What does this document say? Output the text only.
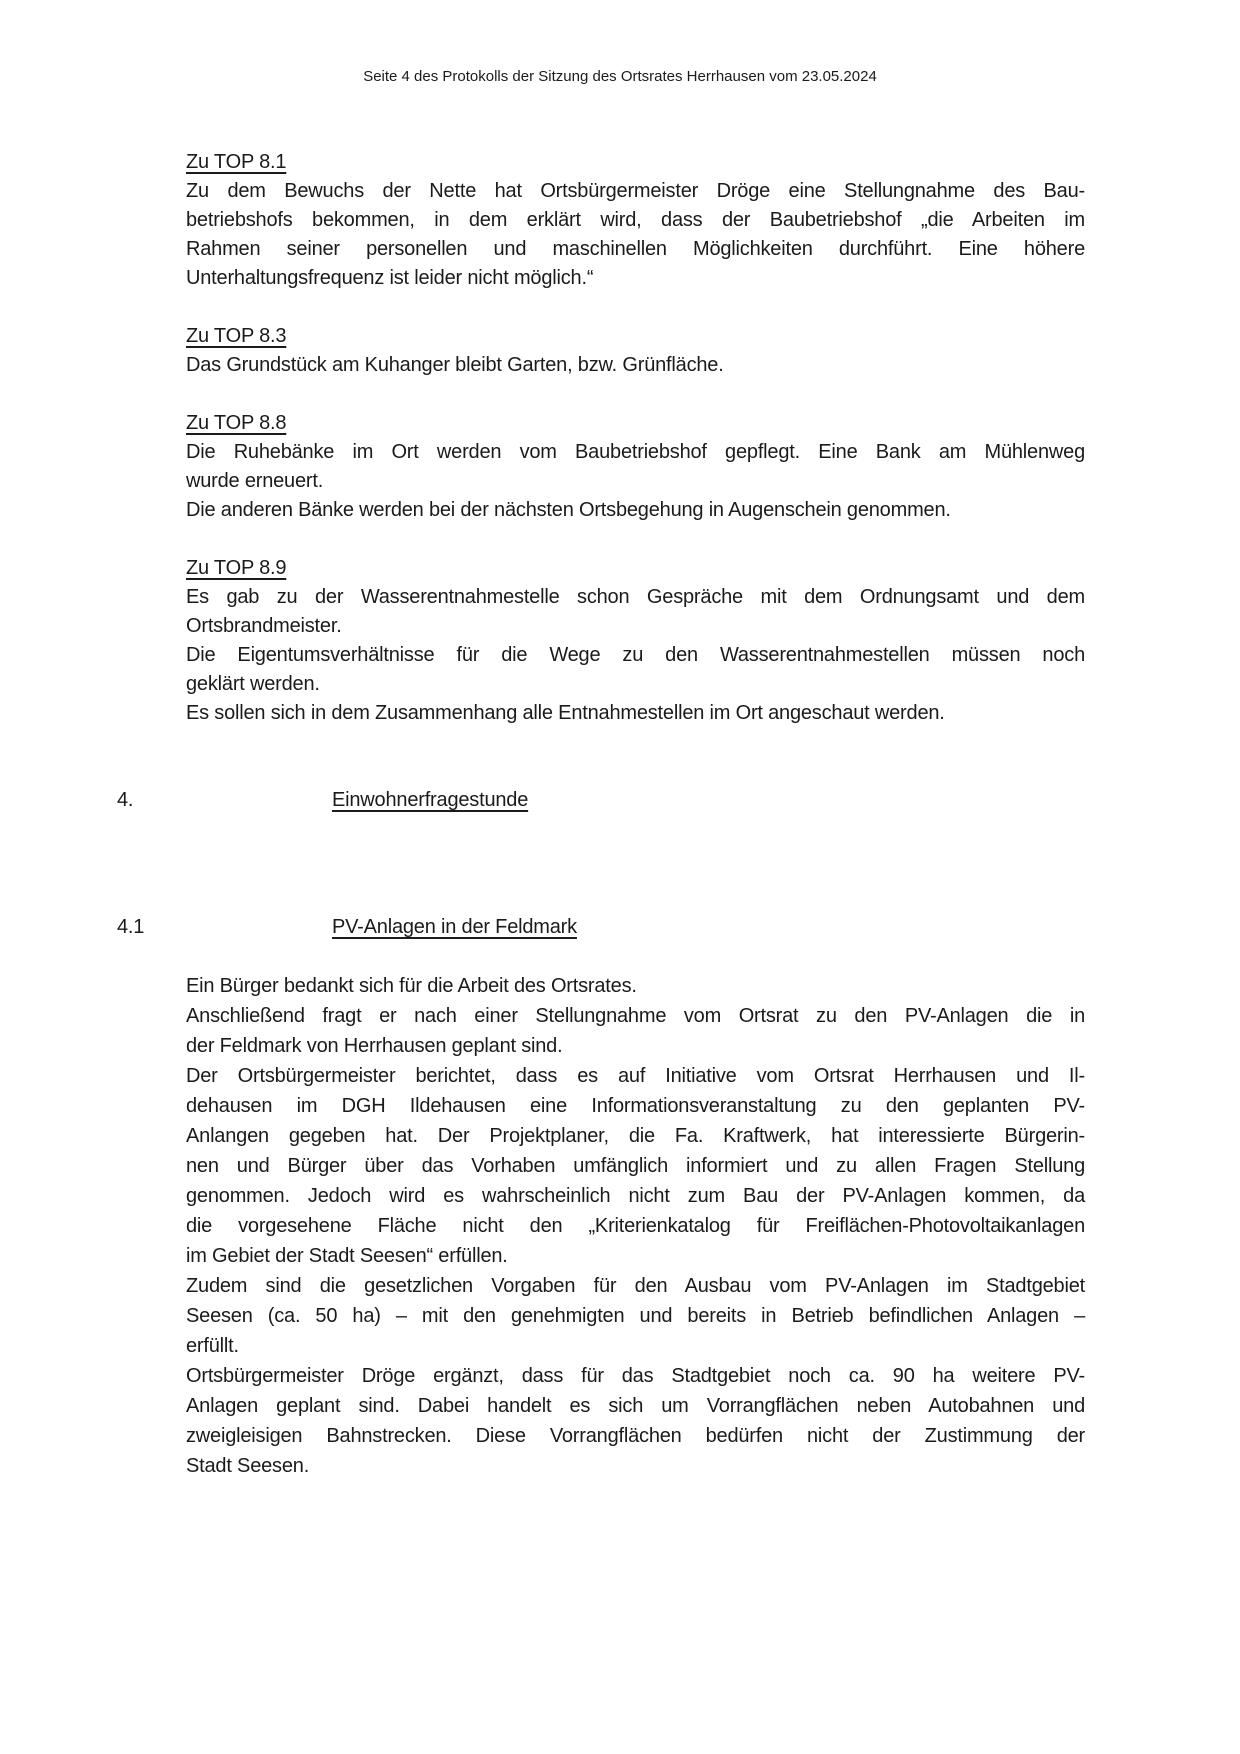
Seite 4 des Protokolls der Sitzung des Ortsrates Herrhausen vom 23.05.2024
Zu TOP 8.1
Zu dem Bewuchs der Nette hat Ortsbürgermeister Dröge eine Stellungnahme des Bau-
betriebshofs bekommen, in dem erklärt wird, dass der Baubetriebshof „die Arbeiten im
Rahmen seiner personellen und maschinellen Möglichkeiten durchführt. Eine höhere
Unterhaltungsfrequenz ist leider nicht möglich.“
Zu TOP 8.3
Das Grundstück am Kuhanger bleibt Garten, bzw. Grünfläche.
Zu TOP 8.8
Die Ruhebänke im Ort werden vom Baubetriebshof gepflegt. Eine Bank am Mühlenweg
wurde erneuert.
Die anderen Bänke werden bei der nächsten Ortsbegehung in Augenschein genommen.
Zu TOP 8.9
Es gab zu der Wasserentnahmestelle schon Gespräche mit dem Ordnungsamt und dem
Ortsbrandmeister.
Die Eigentumsverhältnisse für die Wege zu den Wasserentnahmestellen müssen noch
geklärt werden.
Es sollen sich in dem Zusammenhang alle Entnahmestellen im Ort angeschaut werden.
4.	Einwohnerfragestunde
4.1	PV-Anlagen in der Feldmark
Ein Bürger bedankt sich für die Arbeit des Ortsrates.
Anschließend fragt er nach einer Stellungnahme vom Ortsrat zu den PV-Anlagen die in
der Feldmark von Herrhausen geplant sind.
Der Ortsbürgermeister berichtet, dass es auf Initiative vom Ortsrat Herrhausen und Il-
dehausen im DGH Ildehausen eine Informationsveranstaltung zu den geplanten PV-
Anlangen gegeben hat. Der Projektplaner, die Fa. Kraftwerk, hat interessierte Bürgerin-
nen und Bürger über das Vorhaben umfänglich informiert und zu allen Fragen Stellung
genommen. Jedoch wird es wahrscheinlich nicht zum Bau der PV-Anlagen kommen, da
die vorgesehene Fläche nicht den „Kriterienkatalog für Freiflächen-Photovoltaikanlagen
im Gebiet der Stadt Seesen“ erfüllen.
Zudem sind die gesetzlichen Vorgaben für den Ausbau vom PV-Anlagen im Stadtgebiet
Seesen (ca. 50 ha) – mit den genehmigten und bereits in Betrieb befindlichen Anlagen –
erfüllt.
Ortsbürgermeister Dröge ergänzt, dass für das Stadtgebiet noch ca. 90 ha weitere PV-
Anlagen geplant sind. Dabei handelt es sich um Vorrangflächen neben Autobahnen und
zweigleisigen Bahnstrecken. Diese Vorrangflächen bedürfen nicht der Zustimmung der
Stadt Seesen.
